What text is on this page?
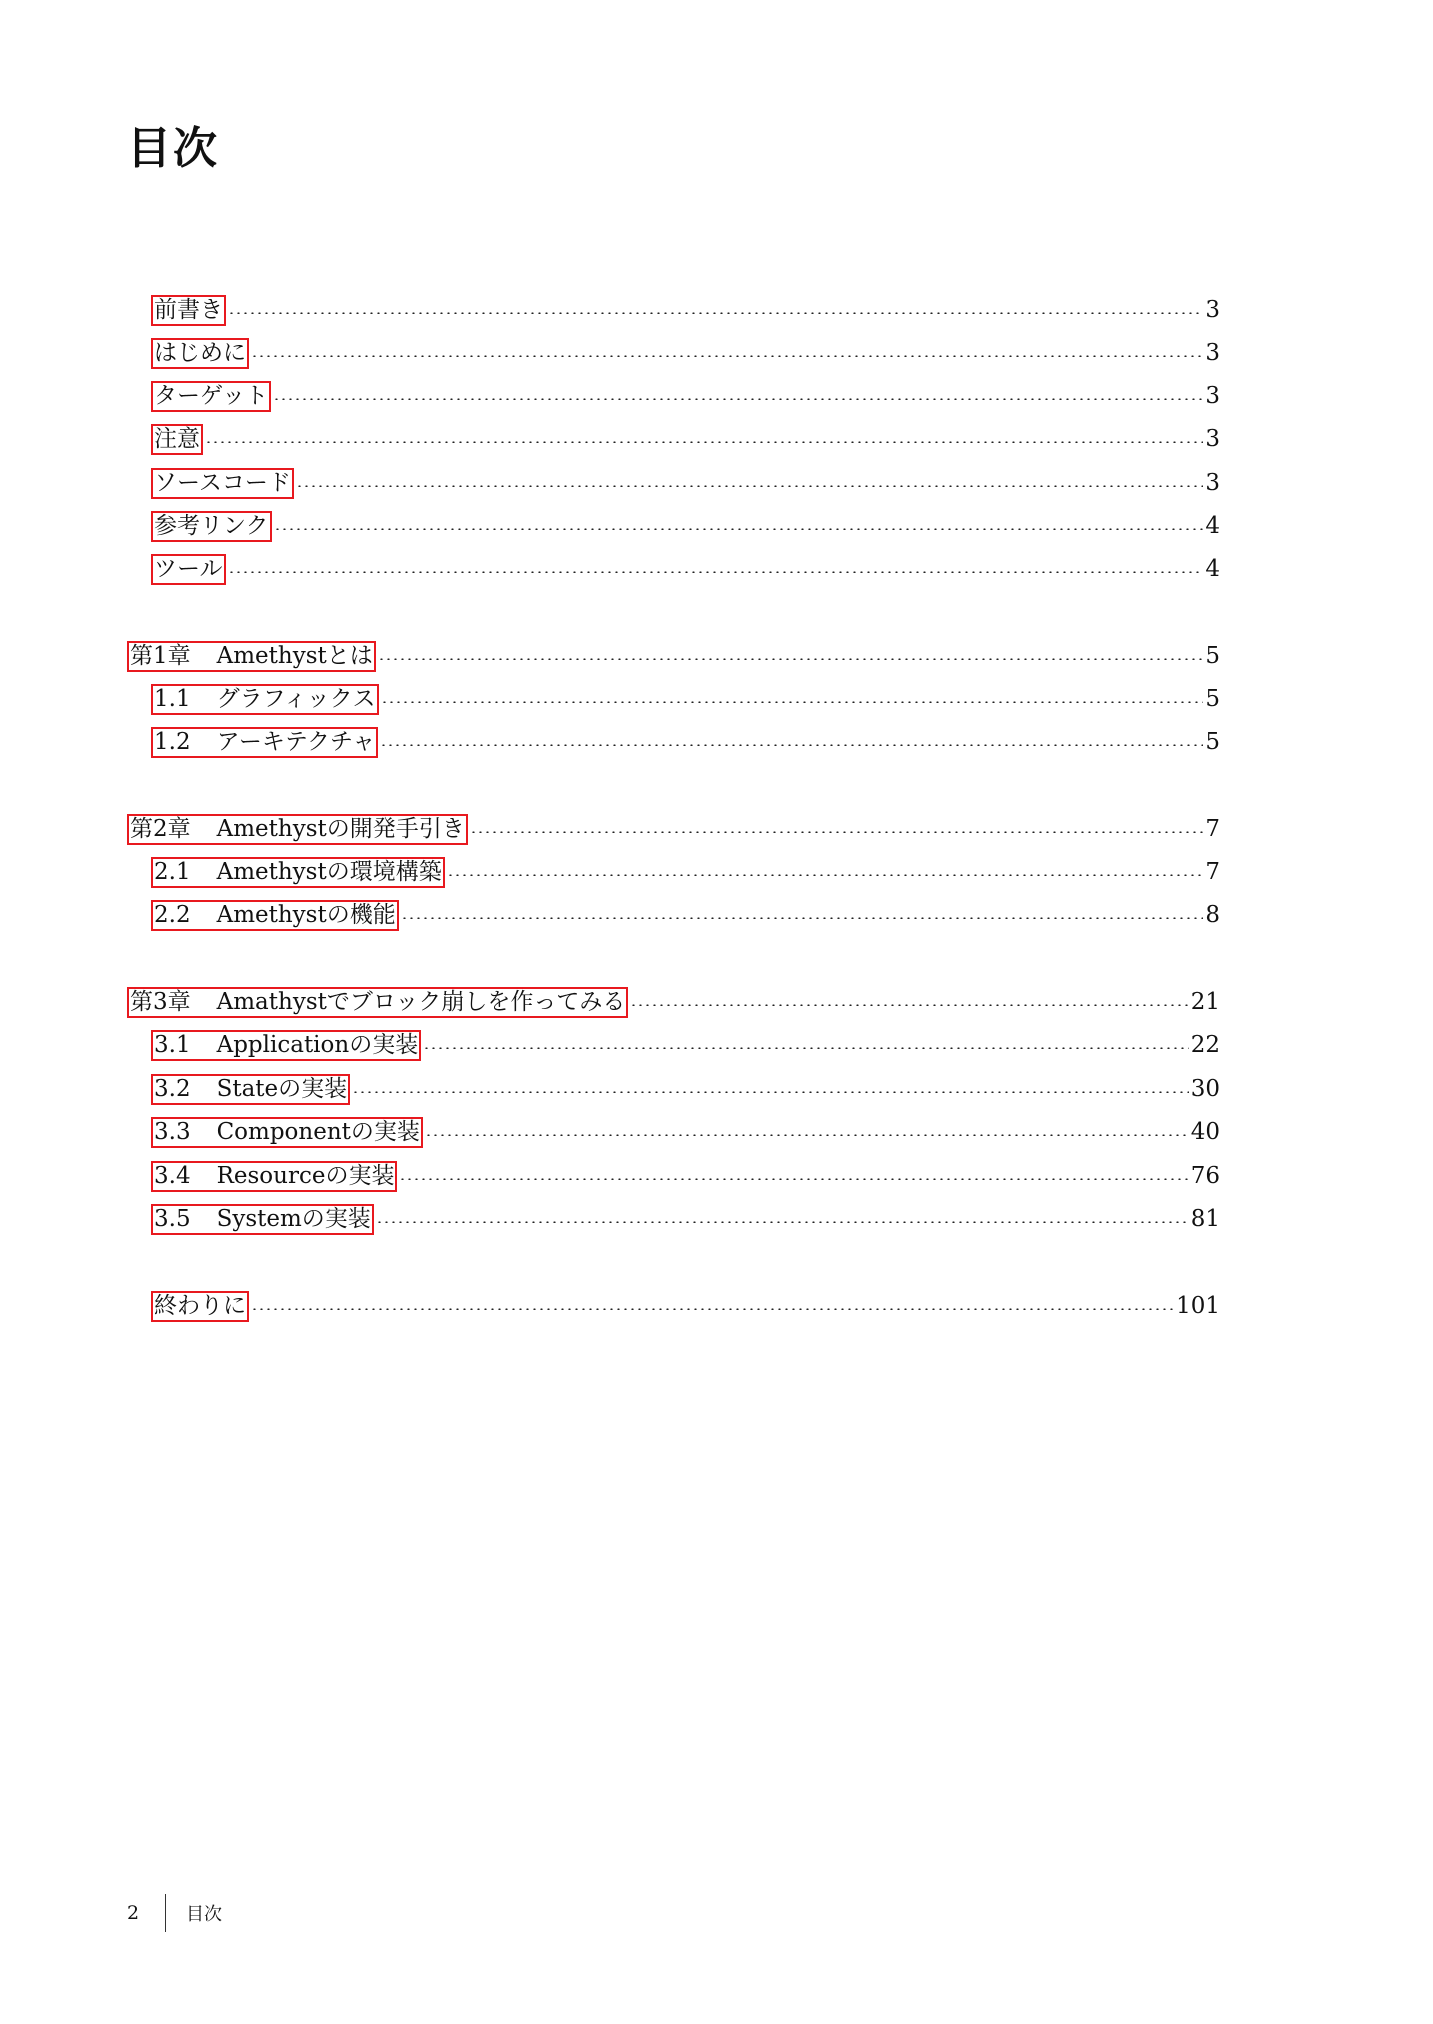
目次
前書き	3
はじめに	3
ターゲット	3
注意	3
ソースコード	3
参考リンク	4
ツール	4
第1章 Amethystとは	5
1.1 グラフィックス	5
1.2 アーキテクチャ	5
第2章 Amethystの開発手引き	7
2.1 Amethystの環境構築	7
2.2 Amethystの機能	8
第3章 Amathystでブロック崩しを作ってみる	21
3.1 Applicationの実装	22
3.2 Stateの実装	30
3.3 Componentの実装	40
3.4 Resourceの実装	76
3.5 Systemの実装	81
終わりに	101
2	目次
